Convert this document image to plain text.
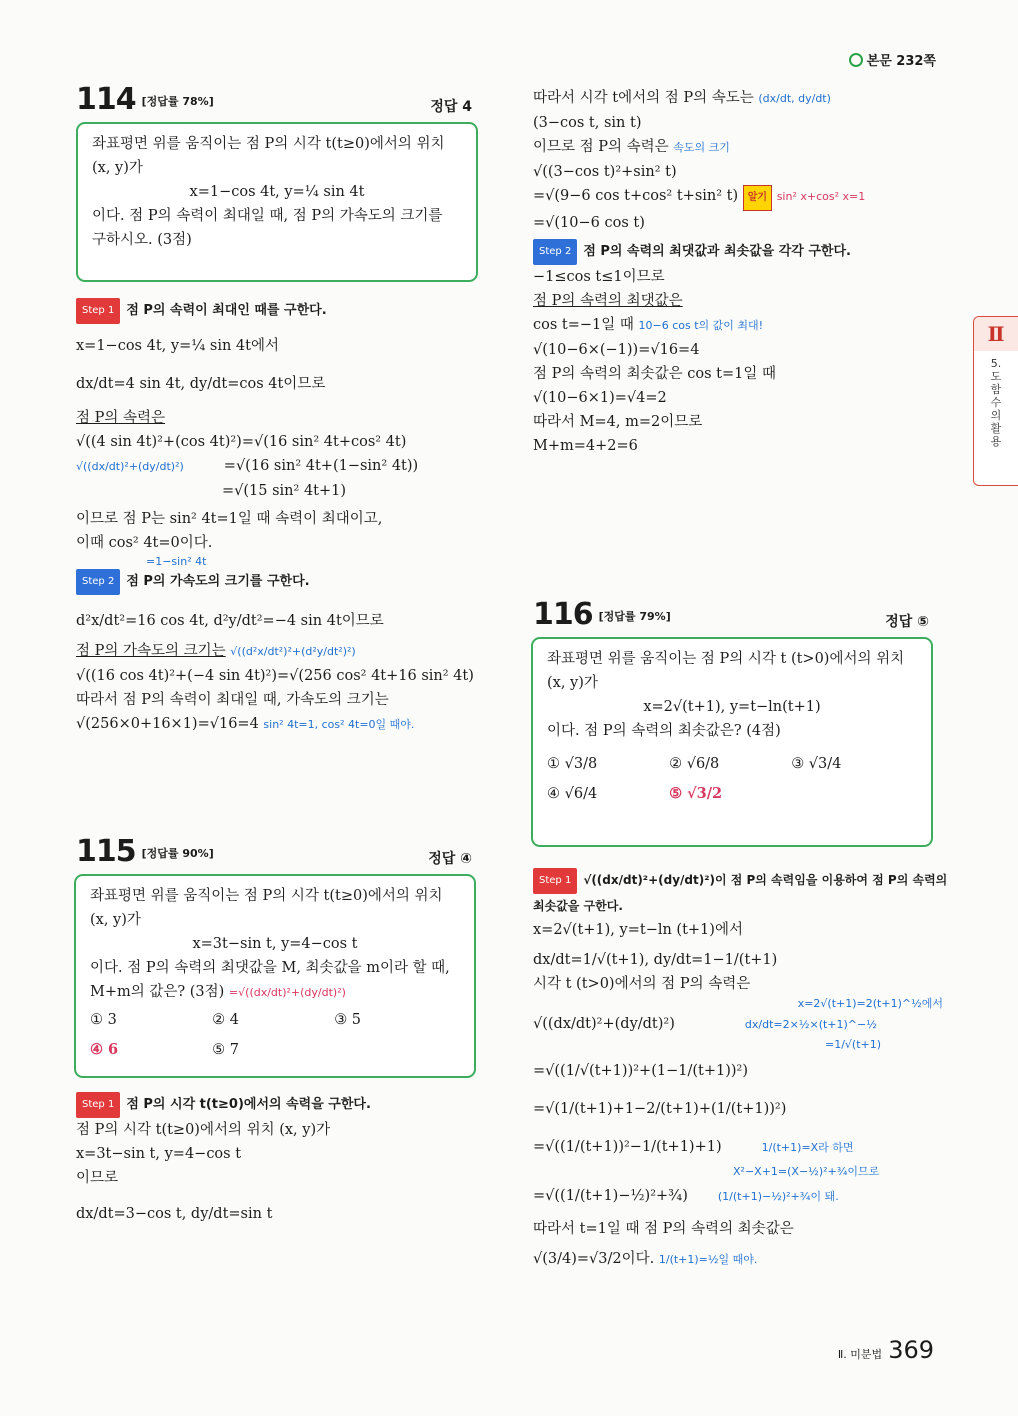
본문 232쪽
Ⅱ
5. 도함수의 활용
114 [정답률 78%]	정답 4

좌표평면 위를 움직이는 점 P의 시각 t(t≥0)에서의 위치

(x, y)가

x=1−cos 4t, y=¼ sin 4t

이다. 점 P의 속력이 최대일 때, 점 P의 가속도의 크기를

구하시오. (3점)

Step 1 점 P의 속력이 최대인 때를 구한다.
x=1−cos 4t, y=¼ sin 4t에서
dx/dt=4 sin 4t, dy/dt=cos 4t이므로
점 P의 속력은
√((4 sin 4t)²+(cos 4t)²)=√(16 sin² 4t+cos² 4t)
√((dx/dt)²+(dy/dt)²)	=√(16 sin² 4t+(1−sin² 4t))
=√(15 sin² 4t+1)
이므로 점 P는 sin² 4t=1일 때 속력이 최대이고,
이때 cos² 4t=0이다.
=1−sin² 4t
Step 2 점 P의 가속도의 크기를 구한다.
d²x/dt²=16 cos 4t, d²y/dt²=−4 sin 4t이므로
점 P의 가속도의 크기는 √((d²x/dt²)²+(d²y/dt²)²)
√((16 cos 4t)²+(−4 sin 4t)²)=√(256 cos² 4t+16 sin² 4t)
따라서 점 P의 속력이 최대일 때, 가속도의 크기는
√(256×0+16×1)=√16=4 sin² 4t=1, cos² 4t=0일 때야.
115 [정답률 90%]	정답 ④

좌표평면 위를 움직이는 점 P의 시각 t(t≥0)에서의 위치

(x, y)가

x=3t−sin t, y=4−cos t

이다. 점 P의 속력의 최댓값을 M, 최솟값을 m이라 할 때,

M+m의 값은? (3점) =√((dx/dt)²+(dy/dt)²)

① 3	② 4	③ 5
④ 6	⑤ 7
Step 1 점 P의 시각 t(t≥0)에서의 속력을 구한다.
점 P의 시각 t(t≥0)에서의 위치 (x, y)가
x=3t−sin t, y=4−cos t
이므로
dx/dt=3−cos t, dy/dt=sin t
따라서 시각 t에서의 점 P의 속도는 (dx/dt, dy/dt)
(3−cos t, sin t)
이므로 점 P의 속력은 속도의 크기
√((3−cos t)²+sin² t)
=√(9−6 cos t+cos² t+sin² t) 알기 sin² x+cos² x=1
=√(10−6 cos t)
Step 2 점 P의 속력의 최댓값과 최솟값을 각각 구한다.
−1≤cos t≤1이므로
점 P의 속력의 최댓값은
cos t=−1일 때 10−6 cos t의 값이 최대!
√(10−6×(−1))=√16=4
점 P의 속력의 최솟값은 cos t=1일 때
√(10−6×1)=√4=2
따라서 M=4, m=2이므로
M+m=4+2=6
116 [정답률 79%]	정답 ⑤

좌표평면 위를 움직이는 점 P의 시각 t (t>0)에서의 위치

(x, y)가

x=2√(t+1), y=t−ln(t+1)

이다. 점 P의 속력의 최솟값은? (4점)

① √3/8	② √6/8	③ √3/4
④ √6/4	⑤ √3/2
Step 1 √((dx/dt)²+(dy/dt)²)이 점 P의 속력임을 이용하여 점 P의 속력의
최솟값을 구한다.
x=2√(t+1), y=t−ln (t+1)에서
dx/dt=1/√(t+1), dy/dt=1−1/(t+1)
시각 t (t>0)에서의 점 P의 속력은
x=2√(t+1)=2(t+1)^½에서
√((dx/dt)²+(dy/dt)²)	dx/dt=2×½×(t+1)^−½
=1/√(t+1)
=√((1/√(t+1))²+(1−1/(t+1))²)
=√(1/(t+1)+1−2/(t+1)+(1/(t+1))²)
=√((1/(t+1))²−1/(t+1)+1)	1/(t+1)=X라 하면
X²−X+1=(X−½)²+¾이므로
=√((1/(t+1)−½)²+¾)	(1/(t+1)−½)²+¾이 돼.
따라서 t=1일 때 점 P의 속력의 최솟값은
√(3/4)=√3/2이다. 1/(t+1)=½일 때야.
Ⅱ. 미분법 369
